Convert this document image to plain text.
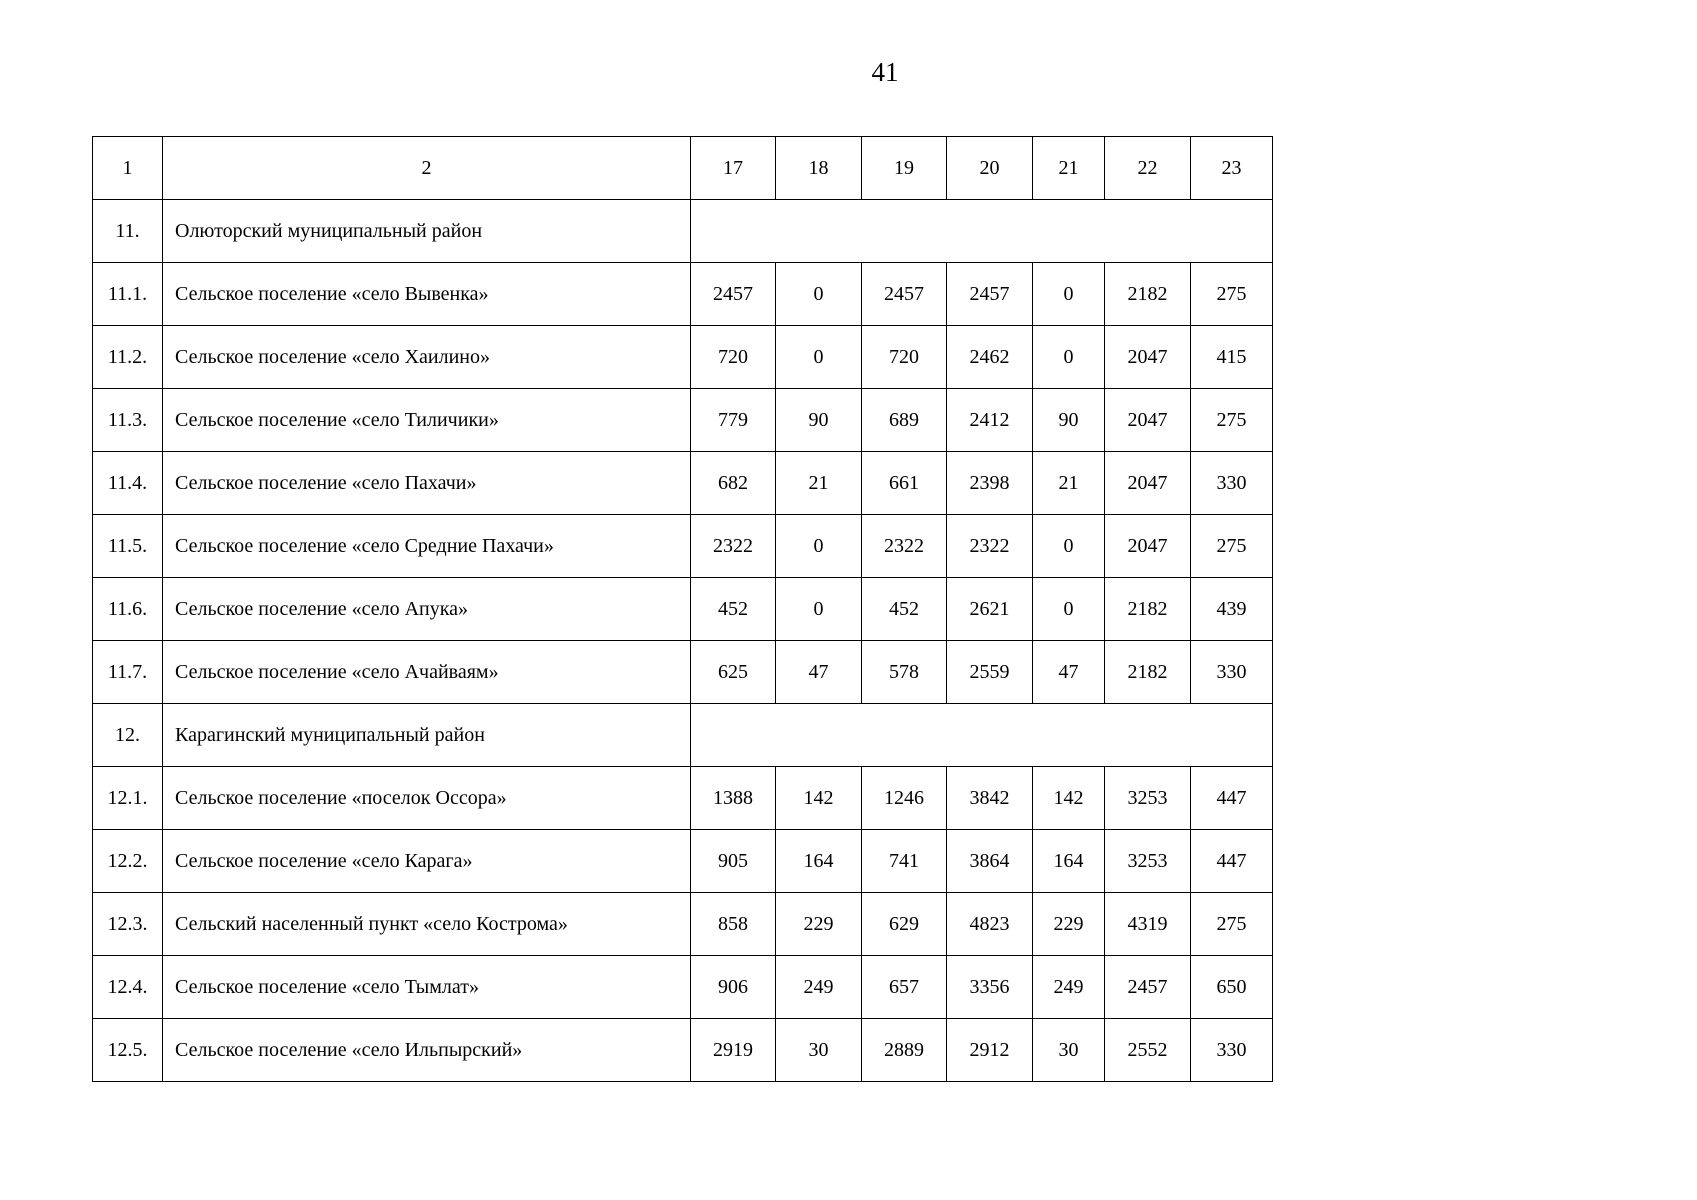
41
1	2	17	18	19	20	21	22	23
11.	Олюторский муниципальный район							
11.1.	Сельское поселение «село Вывенка»	2457	0	2457	2457	0	2182	275
11.2.	Сельское поселение «село Хаилино»	720	0	720	2462	0	2047	415
11.3.	Сельское поселение «село Тиличики»	779	90	689	2412	90	2047	275
11.4.	Сельское поселение «село Пахачи»	682	21	661	2398	21	2047	330
11.5.	Сельское поселение «село Средние Пахачи»	2322	0	2322	2322	0	2047	275
11.6.	Сельское поселение «село Апука»	452	0	452	2621	0	2182	439
11.7.	Сельское поселение «село Ачайваям»	625	47	578	2559	47	2182	330
12.	Карагинский муниципальный район							
12.1.	Сельское поселение «поселок Оссора»	1388	142	1246	3842	142	3253	447
12.2.	Сельское поселение «село Карага»	905	164	741	3864	164	3253	447
12.3.	Сельский населенный пункт «село Кострома»	858	229	629	4823	229	4319	275
12.4.	Сельское поселение «село Тымлат»	906	249	657	3356	249	2457	650
12.5.	Сельское поселение «село Ильпырский»	2919	30	2889	2912	30	2552	330
